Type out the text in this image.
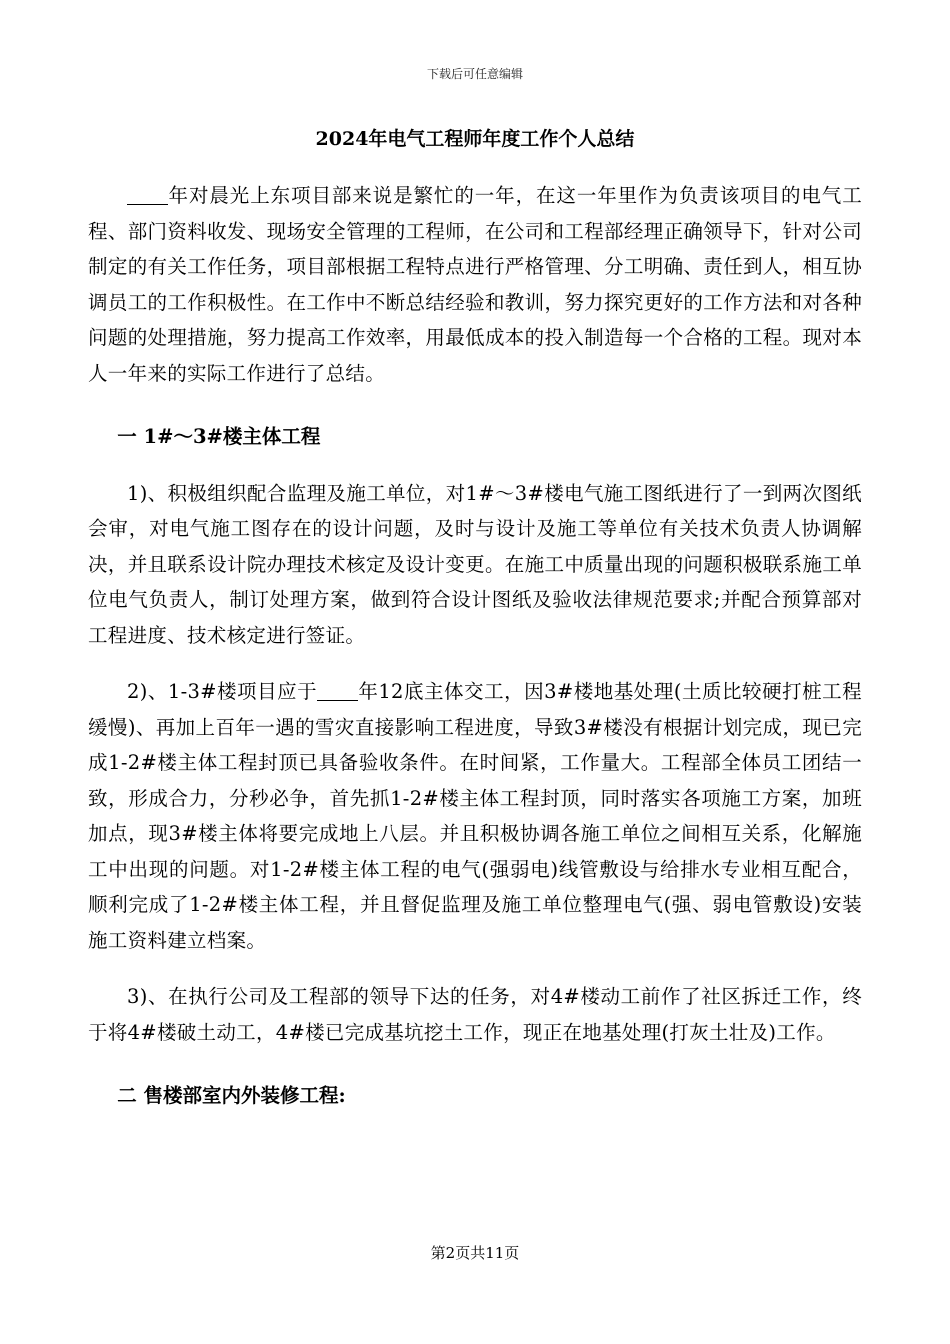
下载后可任意编辑
2024年电气工程师年度工作个人总结

年对晨光上东项目部来说是繁忙的一年，在这一年里作为负责该项目的电气工程、部门资料收发、现场安全管理的工程师，在公司和工程部经理正确领导下，针对公司制定的有关工作任务，项目部根据工程特点进行严格管理、分工明确、责任到人，相互协调员工的工作积极性。在工作中不断总结经验和教训，努力探究更好的工作方法和对各种问题的处理措施，努力提高工作效率，用最低成本的投入制造每一个合格的工程。现对本人一年来的实际工作进行了总结。

一 1#～3#楼主体工程

1)、积极组织配合监理及施工单位，对1#～3#楼电气施工图纸进行了一到两次图纸会审，对电气施工图存在的设计问题，及时与设计及施工等单位有关技术负责人协调解决，并且联系设计院办理技术核定及设计变更。在施工中质量出现的问题积极联系施工单位电气负责人，制订处理方案，做到符合设计图纸及验收法律规范要求;并配合预算部对工程进度、技术核定进行签证。

2)、1-3#楼项目应于 年12底主体交工，因3#楼地基处理(土质比较硬打桩工程缓慢)、再加上百年一遇的雪灾直接影响工程进度，导致3#楼没有根据计划完成，现已完成1-2#楼主体工程封顶已具备验收条件。在时间紧，工作量大。工程部全体员工团结一致，形成合力，分秒必争，首先抓1-2#楼主体工程封顶，同时落实各项施工方案，加班加点，现3#楼主体将要完成地上八层。并且积极协调各施工单位之间相互关系，化解施工中出现的问题。对1-2#楼主体工程的电气(强弱电)线管敷设与给排水专业相互配合，顺利完成了1-2#楼主体工程，并且督促监理及施工单位整理电气(强、弱电管敷设)安装施工资料建立档案。

3)、在执行公司及工程部的领导下达的任务，对4#楼动工前作了社区拆迁工作，终于将4#楼破土动工，4#楼已完成基坑挖土工作，现正在地基处理(打灰土壮及)工作。

二 售楼部室内外装修工程:

第2页共11页
